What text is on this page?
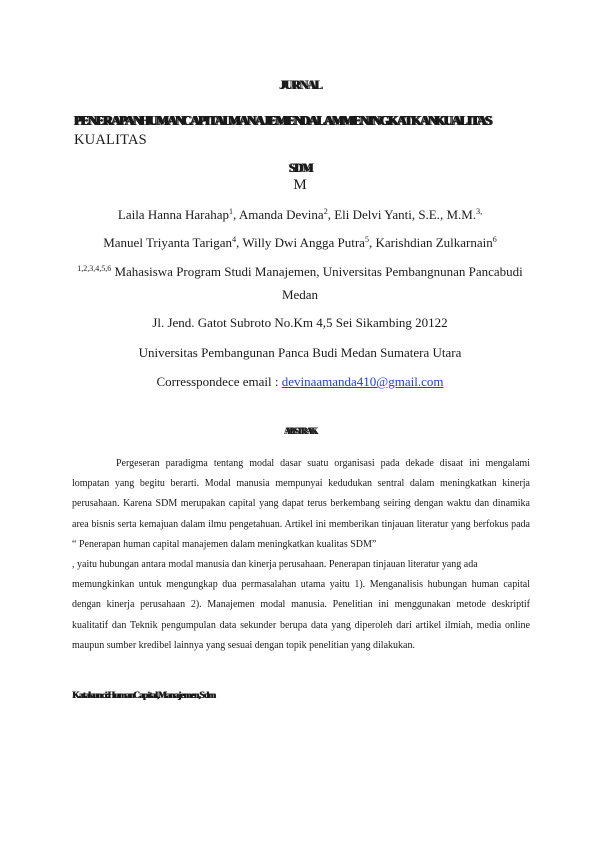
JURNAL
PENERAPAN HUMAN CAPITAL MANAJEMEN DALAM MENINGKATKAN KUALITAS
KUALITAS
SDM
M
Laila Hanna Harahap$^1$, Amanda Devina$^2$, Eli Delvi Yanti, S.E., M.M.$^{3,}$
Manuel Triyanta Tarigan$^4$, Willy Dwi Angga Putra$^5$, Karishdian Zulkarnain$^6$
$^{1,2,3,4,5,6}$ Mahasiswa Program Studi Manajemen, Universitas Pembangnunan Pancabudi
Medan
Jl. Jend. Gatot Subroto No.Km 4,5 Sei Sikambing 20122
Universitas Pembangunan Panca Budi Medan Sumatera Utara
Corresspondece email : devinaamanda410@gmail.com
ABSTRAK

Pergeseran paradigma tentang modal dasar suatu organisasi pada dekade disaat ini mengalami lompatan yang begitu berarti. Modal manusia mempunyai kedudukan sentral dalam meningkatkan kinerja perusahaan. Karena SDM merupakan capital yang dapat terus berkembang seiring dengan waktu dan dinamika area bisnis serta kemajuan dalam ilmu pengetahuan. Artikel ini memberikan tinjauan literatur yang berfokus pada “ Penerapan human capital manajemen dalam meningkatkan kualitas SDM”

, yaitu hubungan antara modal manusia dan kinerja perusahaan. Penerapan tinjauan literatur yang ada

memungkinkan untuk mengungkap dua permasalahan utama yaitu 1). Menganalisis hubungan human capital dengan kinerja perusahaan 2). Manajemen modal manusia. Penelitian ini menggunakan metode deskriptif kualitatif dan Teknik pengumpulan data sekunder berupa data yang diperoleh dari artikel ilmiah, media online maupun sumber kredibel lainnya yang sesuai dengan topik penelitian yang dilakukan.

Kata kunci : Human Capital, Manajemen, Sdm
